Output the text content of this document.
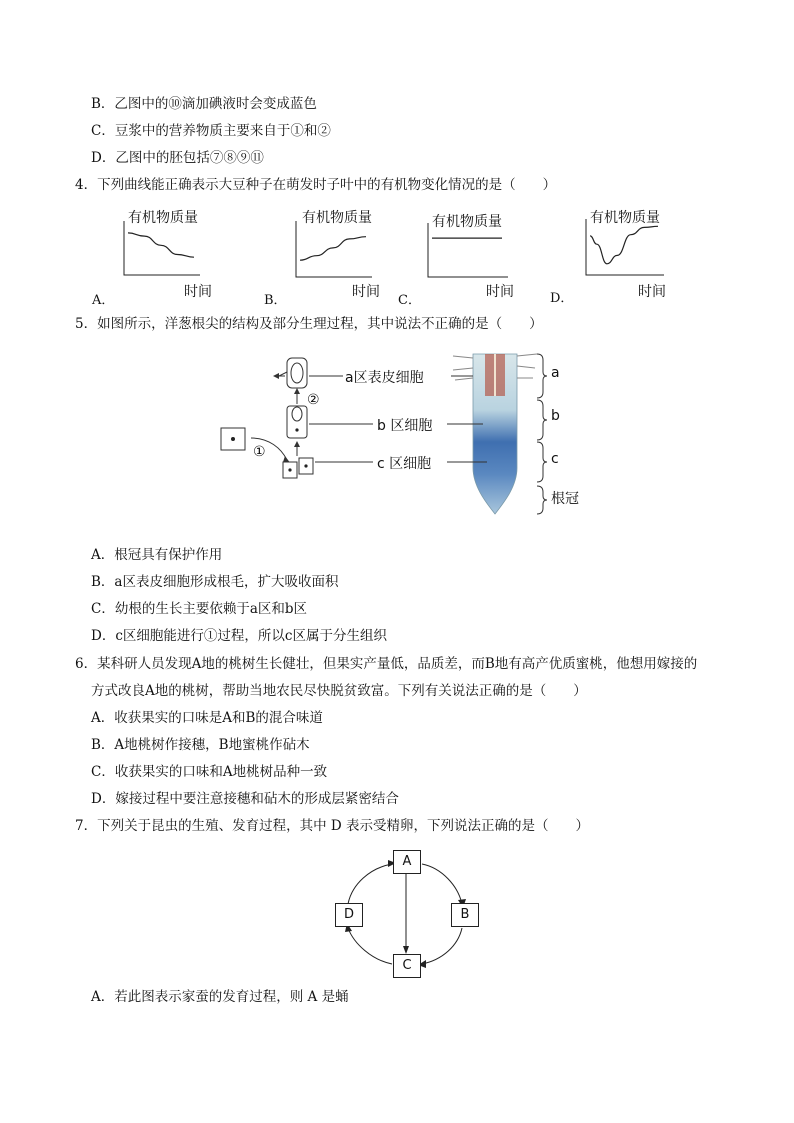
B．乙图中的⑩滴加碘液时会变成蓝色
C．豆浆中的营养物质主要来自于①和②
D．乙图中的胚包括⑦⑧⑨⑪
4．下列曲线能正确表示大豆种子在萌发时子叶中的有机物变化情况的是（　　）
有机物质量
时间
A．
有机物质量
时间
B．
有机物质量
时间
C．
有机物质量
时间
D．
5．如图所示，洋葱根尖的结构及部分生理过程，其中说法不正确的是（　　）
a区表皮细胞
b 区细胞
c 区细胞
②
①
a
b
c
根冠
A．根冠具有保护作用
B．a区表皮细胞形成根毛，扩大吸收面积
C．幼根的生长主要依赖于a区和b区
D．c区细胞能进行①过程，所以c区属于分生组织
6．某科研人员发现A地的桃树生长健壮，但果实产量低，品质差，而B地有高产优质蜜桃，他想用嫁接的
方式改良A地的桃树，帮助当地农民尽快脱贫致富。下列有关说法正确的是（　　）
A．收获果实的口味是A和B的混合味道
B．A地桃树作接穗，B地蜜桃作砧木
C．收获果实的口味和A地桃树品种一致
D．嫁接过程中要注意接穗和砧木的形成层紧密结合
7．下列关于昆虫的生殖、发育过程，其中 D 表示受精卵，下列说法正确的是（　　）
A
B
C
D
A．若此图表示家蚕的发育过程，则 A 是蛹
